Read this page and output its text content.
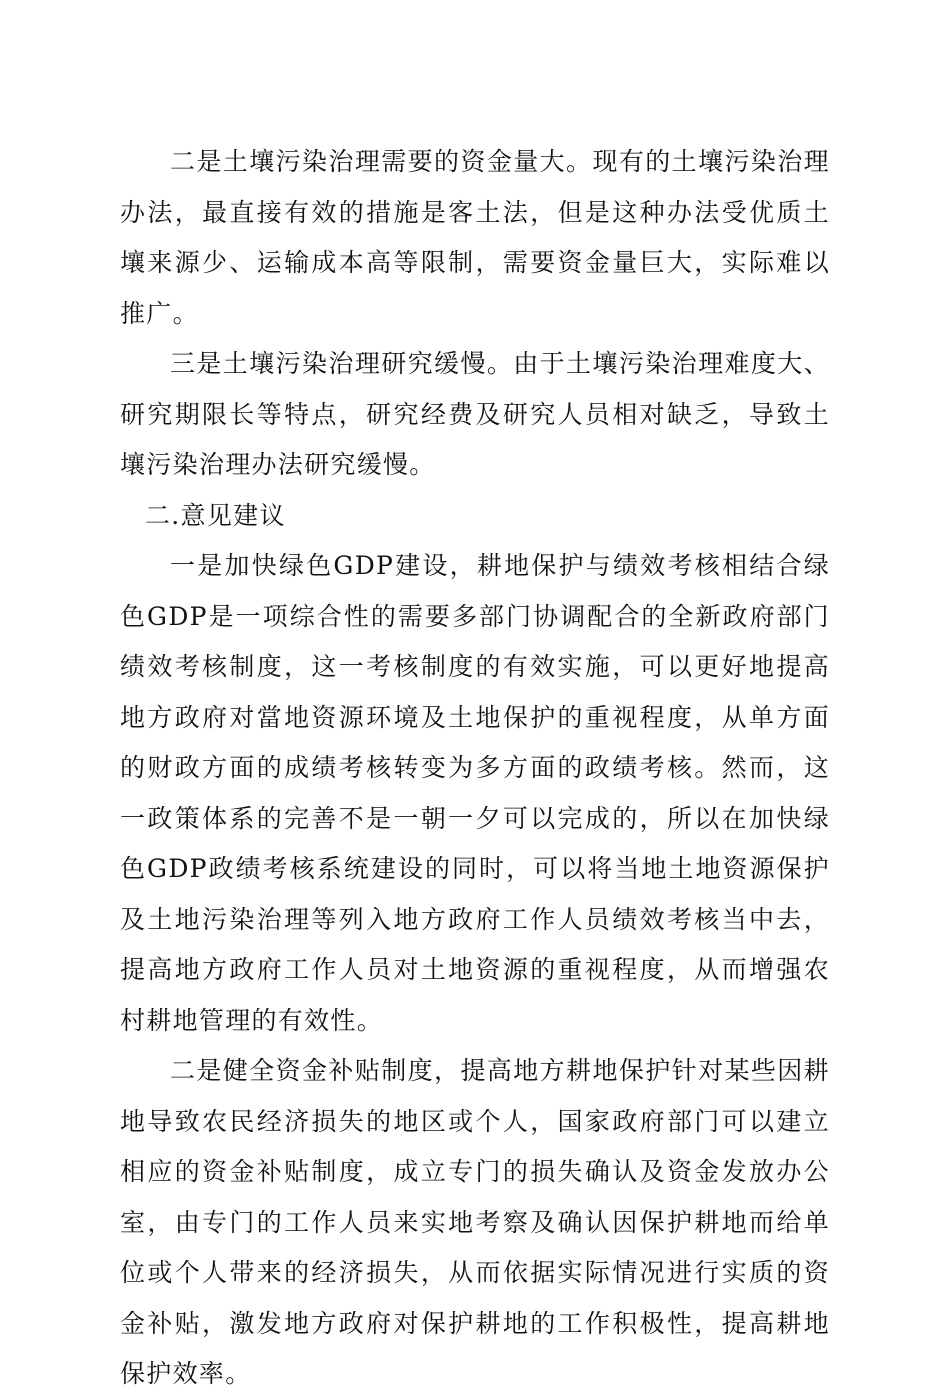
二是土壤污染治理需要的资金量大。现有的土壤污染治理办法，最直接有效的措施是客土法，但是这种办法受优质土壤来源少、运输成本高等限制，需要资金量巨大，实际难以推广。

三是土壤污染治理研究缓慢。由于土壤污染治理难度大、研究期限长等特点，研究经费及研究人员相对缺乏，导致土壤污染治理办法研究缓慢。

二.意见建议

一是加快绿色GDP建设，耕地保护与绩效考核相结合绿色GDP是一项综合性的需要多部门协调配合的全新政府部门绩效考核制度，这一考核制度的有效实施，可以更好地提高地方政府对當地资源环境及土地保护的重视程度，从单方面的财政方面的成绩考核转变为多方面的政绩考核。然而，这一政策体系的完善不是一朝一夕可以完成的，所以在加快绿色GDP政绩考核系统建设的同时，可以将当地土地资源保护及土地污染治理等列入地方政府工作人员绩效考核当中去，提高地方政府工作人员对土地资源的重视程度，从而增强农村耕地管理的有效性。

二是健全资金补贴制度，提高地方耕地保护针对某些因耕地导致农民经济损失的地区或个人，国家政府部门可以建立相应的资金补贴制度，成立专门的损失确认及资金发放办公室，由专门的工作人员来实地考察及确认因保护耕地而给单位或个人带来的经济损失，从而依据实际情况进行实质的资金补贴，激发地方政府对保护耕地的工作积极性，提高耕地保护效率。
